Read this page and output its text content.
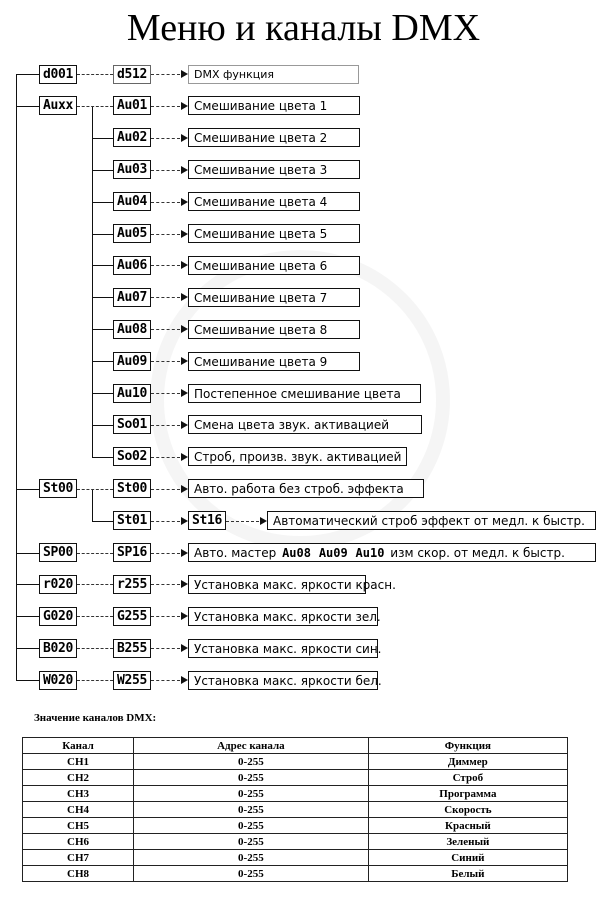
Меню и каналы DMX
d001	d512	DMX функция
Auxx	Au01	Смешивание цвета 1
Au02	Смешивание цвета 2
Au03	Смешивание цвета 3
Au04	Смешивание цвета 4
Au05	Смешивание цвета 5
Au06	Смешивание цвета 6
Au07	Смешивание цвета 7
Au08	Смешивание цвета 8
Au09	Смешивание цвета 9
Au10	Постепенное смешивание цвета
So01	Смена цвета звук. активацией
So02	Строб, произв. звук. активацией
St00	St00	Авто. работа без строб. эффекта
St01	St16	Автоматический строб эффект от медл. к быстр.
SP00	SP16	Авто. мастер Au08 Au09 Au10 изм скор. от медл. к быстр.
r020	r255	Установка макс. яркости красн.
G020	G255	Установка макс. яркости зел.
B020	B255	Установка макс. яркости син.
W020	W255	Установка макс. яркости бел.
Значение каналов DMX:
Канал	Адрес канала	Функция
CH1	0-255	Диммер
CH2	0-255	Строб
CH3	0-255	Программа
CH4	0-255	Скорость
CH5	0-255	Красный
CH6	0-255	Зеленый
CH7	0-255	Синий
CH8	0-255	Белый
